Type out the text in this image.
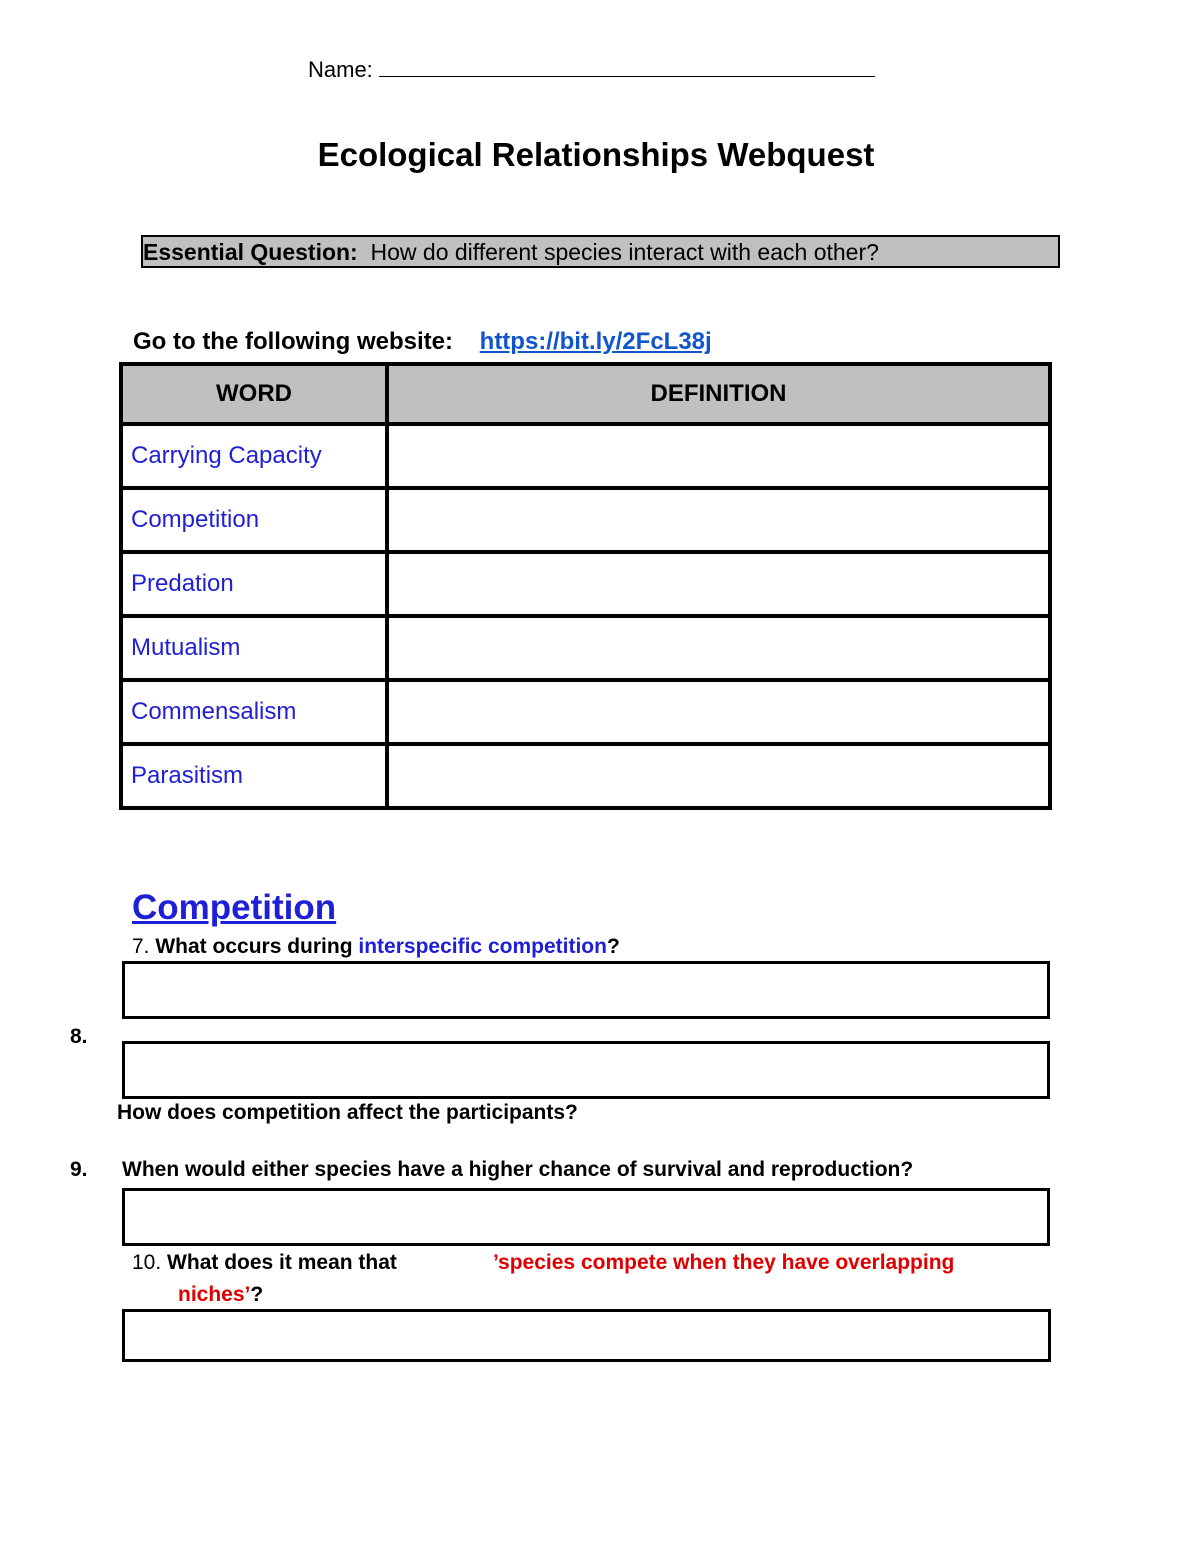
Name:
Ecological Relationships Webquest
Essential Question: How do different species interact with each other?
Go to the following website: https://bit.ly/2FcL38j
WORD	DEFINITION
Carrying Capacity	
Competition	
Predation	
Mutualism	
Commensalism	
Parasitism	
Competition
7. What occurs during interspecific competition?
8.
How does competition affect the participants?
9. When would either species have a higher chance of survival and reproduction?
10. What does it mean that	’species compete when they have overlapping
niches’?
